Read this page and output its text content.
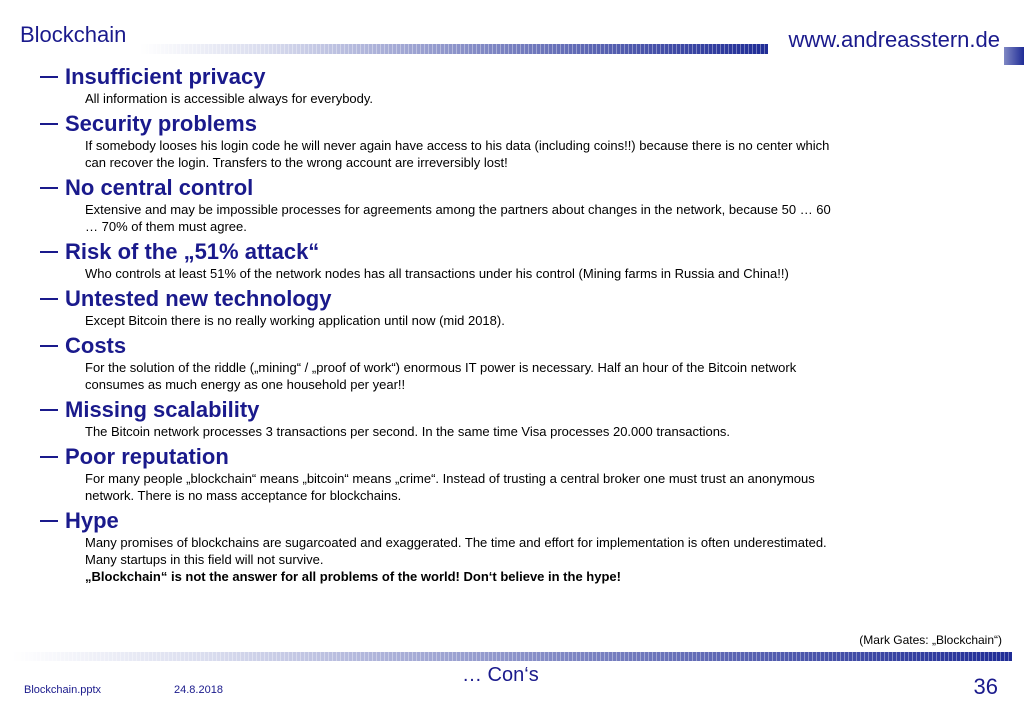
Blockchain	www.andreasstern.de
Insufficient privacy
All information is accessible always for everybody.
Security problems
If somebody looses his login code he will never again have access to his data (including coins!!) because there is no center which
can recover the login. Transfers to the wrong account are irreversibly lost!
No central control
Extensive and may be impossible processes for agreements among the partners about changes in the network, because 50 … 60
… 70% of them must agree.
Risk of the „51% attack“
Who controls at least 51% of the network nodes has all transactions under his control (Mining farms in Russia and China!!)
Untested new technology
Except Bitcoin there is no really working application until now (mid 2018).
Costs
For the solution of the riddle („mining“ / „proof of work“) enormous IT power is necessary. Half an hour of the Bitcoin network
consumes as much energy as one household per year!!
Missing scalability
The Bitcoin network processes 3 transactions per second. In the same time Visa processes 20.000 transactions.
Poor reputation
For many people „blockchain“ means „bitcoin“ means „crime“. Instead of trusting a central broker one must trust an anonymous
network. There is no mass acceptance for blockchains.
Hype
Many promises of blockchains are sugarcoated and exaggerated. The time and effort for implementation is often underestimated.
Many startups in this field will not survive.
„Blockchain“ is not the answer for all problems of the world! Don‘t believe in the hype!
(Mark Gates: „Blockchain“)
Blockchain.pptx	24.8.2018
… Con‘s	36
